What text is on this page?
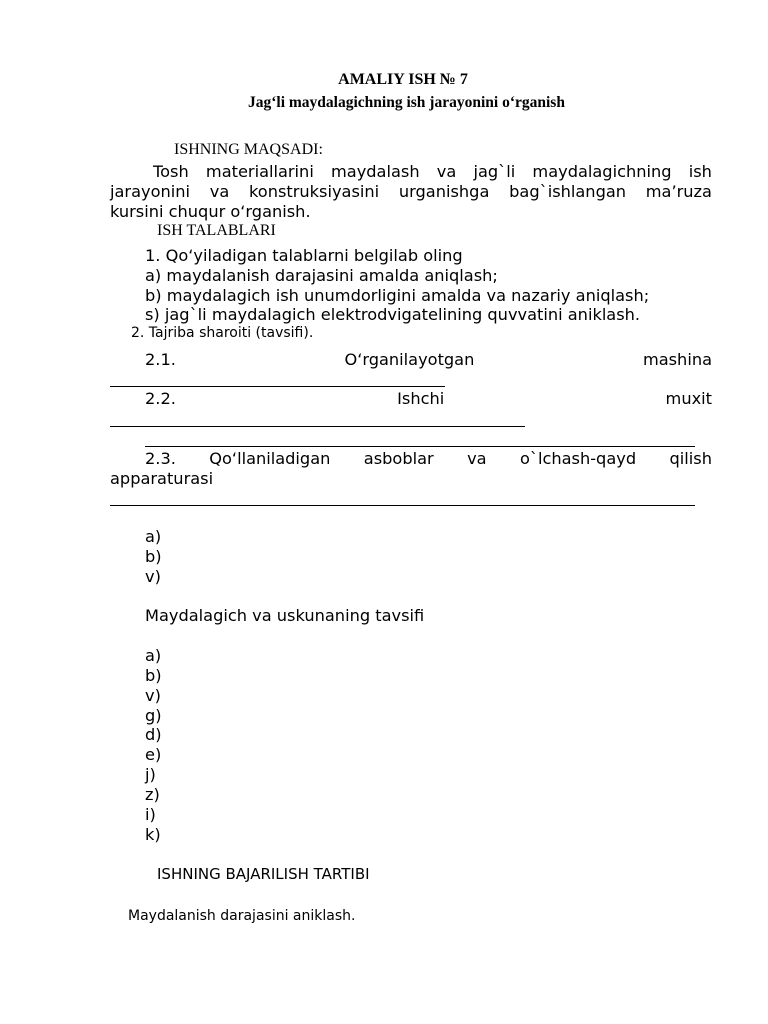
AMALIY ISH № 7
Jag‘li maydalagichning ish jarayonini o‘rganish
ISHNING MAQSADI:
Tosh materiallarini maydalash va jag`li maydalagichning ish
jarayonini va konstruksiyasini urganishga bag`ishlangan ma’ruza
kursini chuqur o‘rganish.
ISH TALABLARI
1. Qo‘yiladigan talablarni belgilab oling
a) maydalanish darajasini amalda aniqlash;
b) maydalagich ish unumdorligini amalda va nazariy aniqlash;
s) jag`li maydalagich elektrodvigatelining quvvatini aniklash.
2. Tajriba sharoiti (tavsifi).
2.1.	O‘rganilayotgan	mashina
2.2.	Ishchi	muxit
2.3. Qo‘llaniladigan asboblar va o`lchash-qayd qilish
apparaturasi
a)
b)
v)
Maydalagich va uskunaning tavsifi
a)
b)
v)
g)
d)
e)
j)
z)
i)
k)
ISHNING BAJARILISH TARTIBI
Maydalanish darajasini aniklash.
